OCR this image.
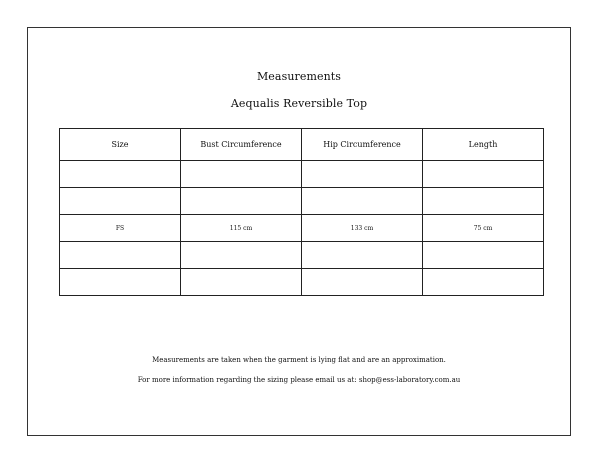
Measurements
Aequalis Reversible Top
Size	Bust Circumference	Hip Circumference	Length

FS	115 cm	133 cm	75 cm

Measurements are taken when the garment is lying flat and are an approximation.
For more information regarding the sizing please email us at: shop@ess-laboratory.com.au
